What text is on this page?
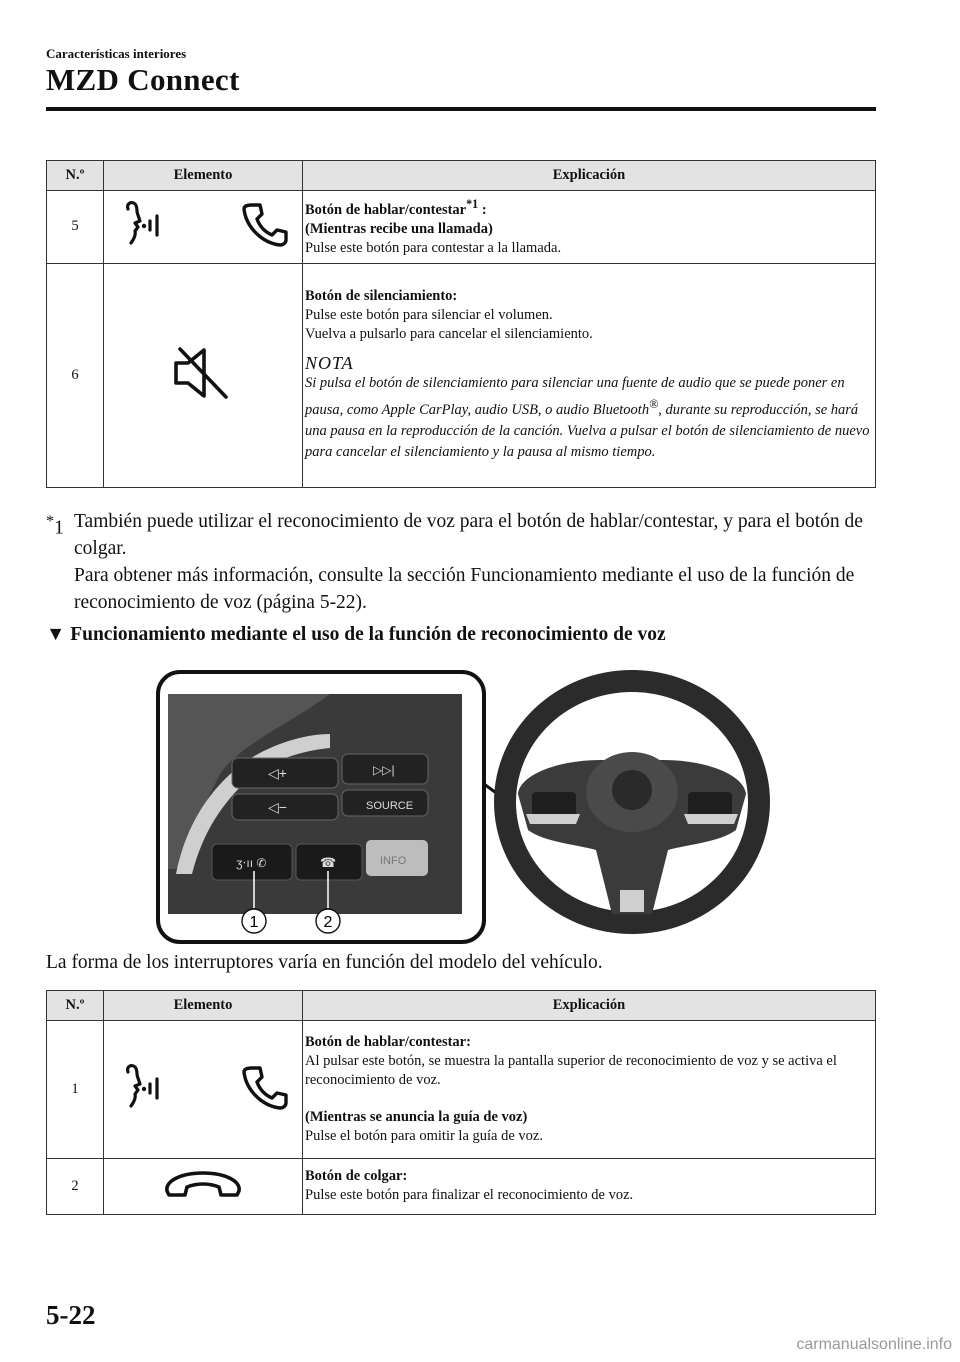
Características interiores
MZD Connect
N.º	Elemento	Explicación
5		Botón de hablar/contestar$^{*1}$ :
(Mientras recibe una llamada)
Pulse este botón para contestar a la llamada.

6		Botón de silenciamiento:
Pulse este botón para silenciar el volumen.
Vuelva a pulsarlo para cancelar el silenciamiento.
NOTA
Si pulsa el botón de silenciamiento para silenciar una fuente de audio que se puede poner en pausa, como Apple CarPlay, audio USB, o audio Bluetooth®, durante su reproducción, se hará una pausa en la reproducción de la canción. Vuelva a pulsar el botón de silenciamiento de nuevo para cancelar el silenciamiento y la pausa al mismo tiempo.
*1 También puede utilizar el reconocimiento de voz para el botón de hablar/contestar, y para el botón de colgar.
Para obtener más información, consulte la sección Funcionamiento mediante el uso de la función de reconocimiento de voz (página 5-22).
▼ Funcionamiento mediante el uso de la función de reconocimiento de voz
◁+
◁−
▷▷|
SOURCE
INFO
ʒ‧ıı ✆	☎
1	2
La forma de los interruptores varía en función del modelo del vehículo.
N.º	Elemento	Explicación
1		Botón de hablar/contestar:
Al pulsar este botón, se muestra la pantalla superior de reconocimiento de voz y se activa el reconocimiento de voz.
(Mientras se anuncia la guía de voz)
Pulse el botón para omitir la guía de voz.

2		Botón de colgar:
Pulse este botón para finalizar el reconocimiento de voz.
5-22
carmanualsonline.info
